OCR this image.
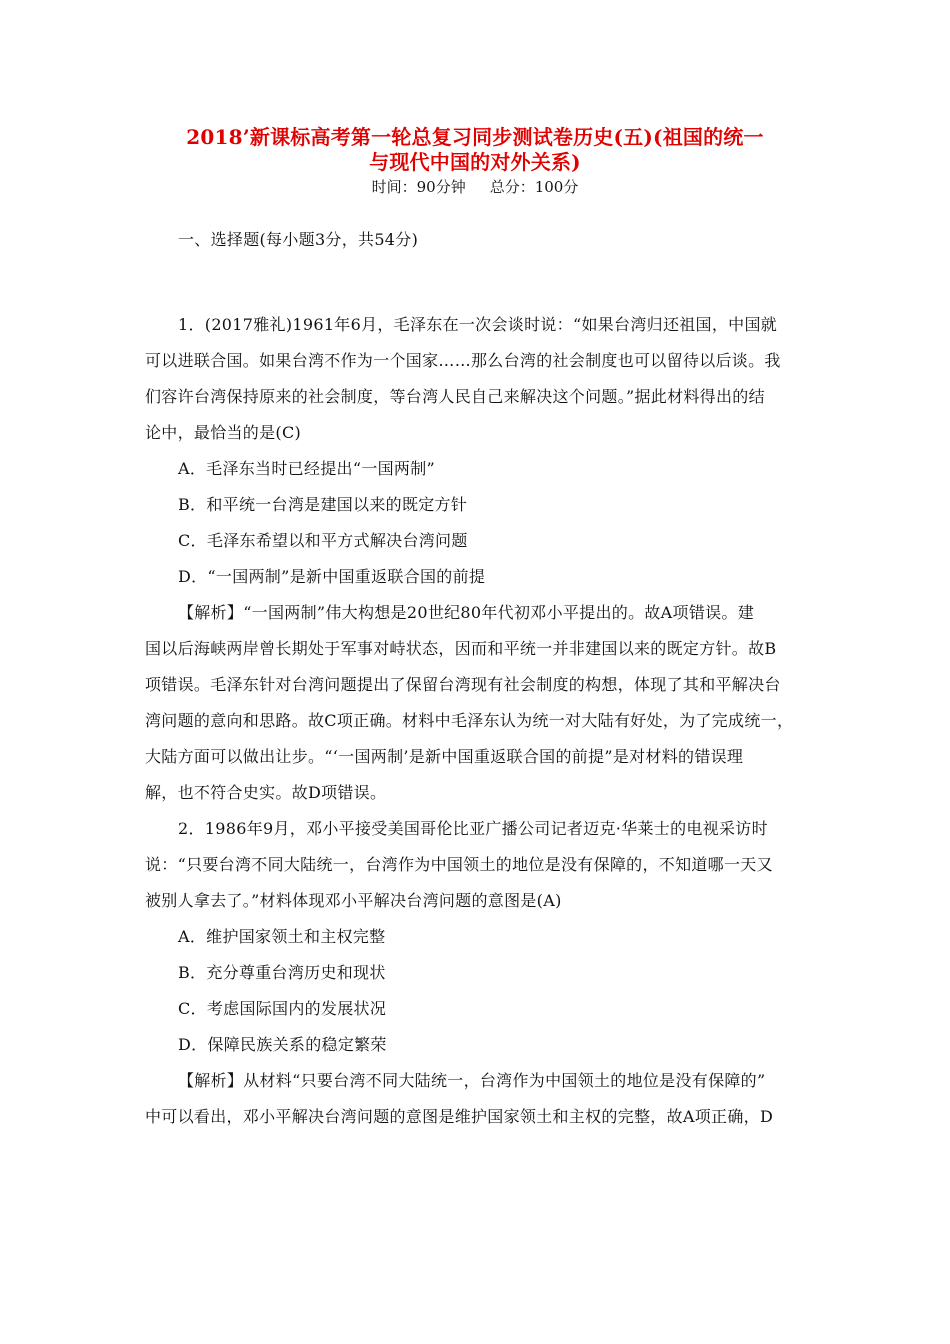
2018’新课标高考第一轮总复习同步测试卷历史(五)(祖国的统一
与现代中国的对外关系)
时间：90分钟 总分：100分
一、选择题(每小题3分，共54分)
1．(2017雅礼)1961年6月，毛泽东在一次会谈时说：“如果台湾归还祖国，中国就
可以进联合国。如果台湾不作为一个国家……那么台湾的社会制度也可以留待以后谈。我
们容许台湾保持原来的社会制度，等台湾人民自己来解决这个问题。”据此材料得出的结
论中，最恰当的是(C)
A．毛泽东当时已经提出“一国两制”
B．和平统一台湾是建国以来的既定方针
C．毛泽东希望以和平方式解决台湾问题
D．“一国两制”是新中国重返联合国的前提
【解析】“一国两制”伟大构想是20世纪80年代初邓小平提出的。故A项错误。建
国以后海峡两岸曾长期处于军事对峙状态，因而和平统一并非建国以来的既定方针。故B
项错误。毛泽东针对台湾问题提出了保留台湾现有社会制度的构想，体现了其和平解决台
湾问题的意向和思路。故C项正确。材料中毛泽东认为统一对大陆有好处，为了完成统一，
大陆方面可以做出让步。“‘一国两制’是新中国重返联合国的前提”是对材料的错误理
解，也不符合史实。故D项错误。
2．1986年9月，邓小平接受美国哥伦比亚广播公司记者迈克·华莱士的电视采访时
说：“只要台湾不同大陆统一，台湾作为中国领土的地位是没有保障的，不知道哪一天又
被别人拿去了。”材料体现邓小平解决台湾问题的意图是(A)
A．维护国家领土和主权完整
B．充分尊重台湾历史和现状
C．考虑国际国内的发展状况
D．保障民族关系的稳定繁荣
【解析】从材料“只要台湾不同大陆统一，台湾作为中国领土的地位是没有保障的”
中可以看出，邓小平解决台湾问题的意图是维护国家领土和主权的完整，故A项正确，D
